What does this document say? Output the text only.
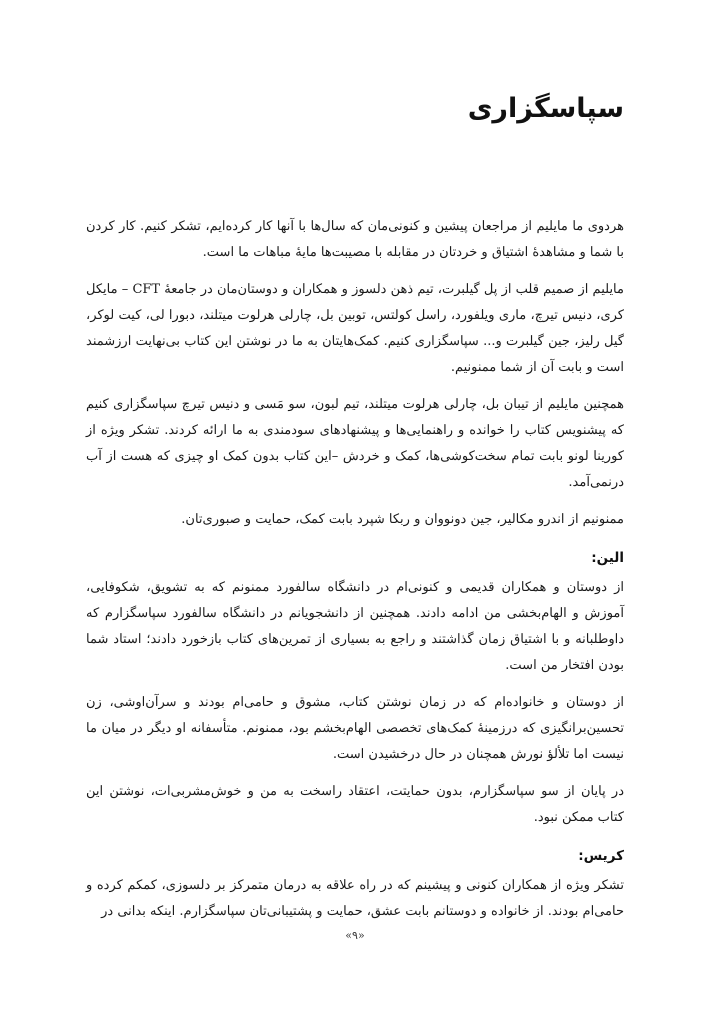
سپاسگزاری

هردوی ما مایلیم از مراجعان پیشین و کنونی‌مان که سال‌ها با آنها کار کرده‌ایم، تشکر کنیم. کار کردن با شما و مشاهدهٔ اشتیاق و خردتان در مقابله با مصیبت‌ها مایهٔ مباهات ما است.

مایلیم از صمیم قلب از پل گیلبرت، تیم ذهن دلسوز و همکاران و دوستان‌مان در جامعهٔ CFT – مایکل کری، دنیس تیرچ، ماری ویلفورد، راسل کولتس، توبین بل، چارلی هرلوت میتلند، دبورا لی، کیت لوکر، گیل رلیز، جین گیلبرت و... سپاسگزاری کنیم. کمک‌هایتان به ما در نوشتن این کتاب بی‌نهایت ارزشمند است و بابت آن از شما ممنونیم.

همچنین مایلیم از تیبان بل، چارلی هرلوت میتلند، تیم لبون، سو مَسی و دنیس تیرچ سپاسگزاری کنیم که پیشنویس کتاب را خوانده و راهنمایی‌ها و پیشنهادهای سودمندی به ما ارائه کردند. تشکر ویژه از کورینا لونو بابت تمام سخت‌کوشی‌ها، کمک و خردش –این کتاب بدون کمک او چیزی که هست از آب درنمی‌آمد.

ممنونیم از اندرو مکالیر، جین دونووان و ربکا شپرد بابت کمک، حمایت و صبوری‌تان.

الین:

از دوستان و همکاران قدیمی و کنونی‌ام در دانشگاه سالفورد ممنونم که به تشویق، شکوفایی، آموزش و الهام‌بخشی من ادامه دادند. همچنین از دانشجویانم در دانشگاه سالفورد سپاسگزارم که داوطلبانه و با اشتیاق زمان گذاشتند و راجع به بسیاری از تمرین‌های کتاب بازخورد دادند؛ استاد شما بودن افتخار من است.

از دوستان و خانواده‌ام که در زمان نوشتن کتاب، مشوق و حامی‌ام بودند و سرآن‌اوشی، زن تحسین‌برانگیزی که درزمینهٔ کمک‌های تخصصی الهام‌بخشم بود، ممنونم. متأسفانه او دیگر در میان ما نیست اما تلألؤ نورش همچنان در حال درخشیدن است.

در پایان از سو سپاسگزارم، بدون حمایتت، اعتقاد راسخت به من و خوش‌مشربی‌ات، نوشتن این کتاب ممکن نبود.

کریس:

تشکر ویژه از همکاران کنونی و پیشینم که در راه علاقه به درمان متمرکز بر دلسوزی، کمکم کرده و حامی‌ام بودند. از خانواده و دوستانم بابت عشق، حمایت و پشتیبانی‌تان سپاسگزارم. اینکه بدانی در

«۹»
